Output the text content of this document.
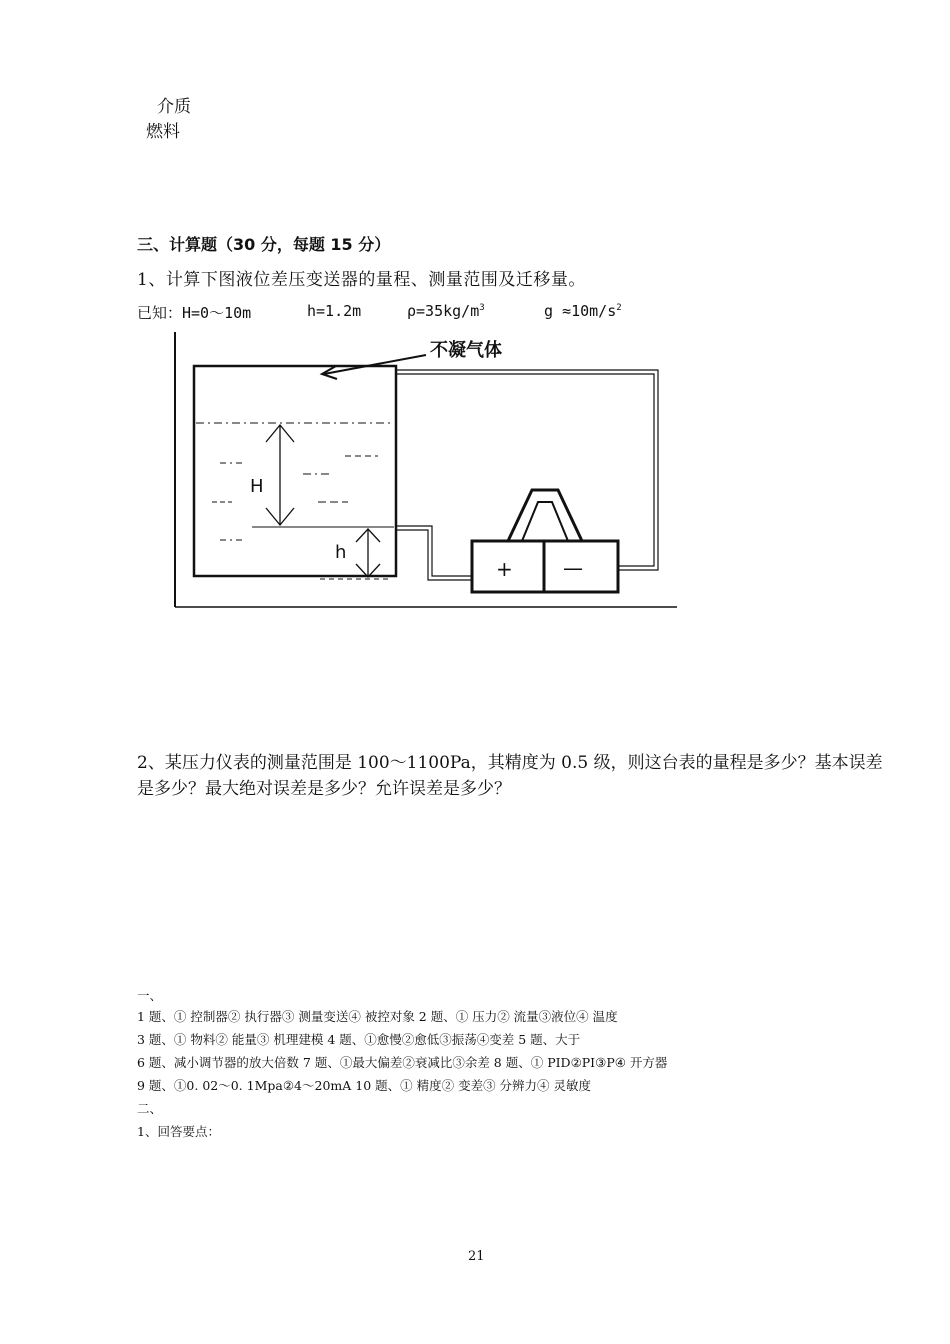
介质
燃料
三、计算题（30 分，每题 15 分）
1、计算下图液位差压变送器的量程、测量范围及迁移量。
已知：H=0～10m	h=1.2m	$\rho=35kg/m^3$	$g \approx 10m/s^2$
H
h
不凝气体
+	—
2、某压力仪表的测量范围是 100～1100Pa，其精度为 0.5 级，则这台表的量程是多少？基本误差是多少？最大绝对误差是多少？允许误差是多少？
一、
1 题、① 控制器② 执行器③ 测量变送④ 被控对象 2 题、① 压力② 流量③液位④ 温度
3 题、① 物料② 能量③ 机理建模 4 题、①愈慢②愈低③振荡④变差 5 题、大于
6 题、减小调节器的放大倍数 7 题、①最大偏差②衰减比③余差 8 题、① PID②PI③P④ 开方器
9 题、①0. 02～0. 1Mpa②4～20mA 10 题、① 精度② 变差③ 分辨力④ 灵敏度
二、
1、回答要点：
21
